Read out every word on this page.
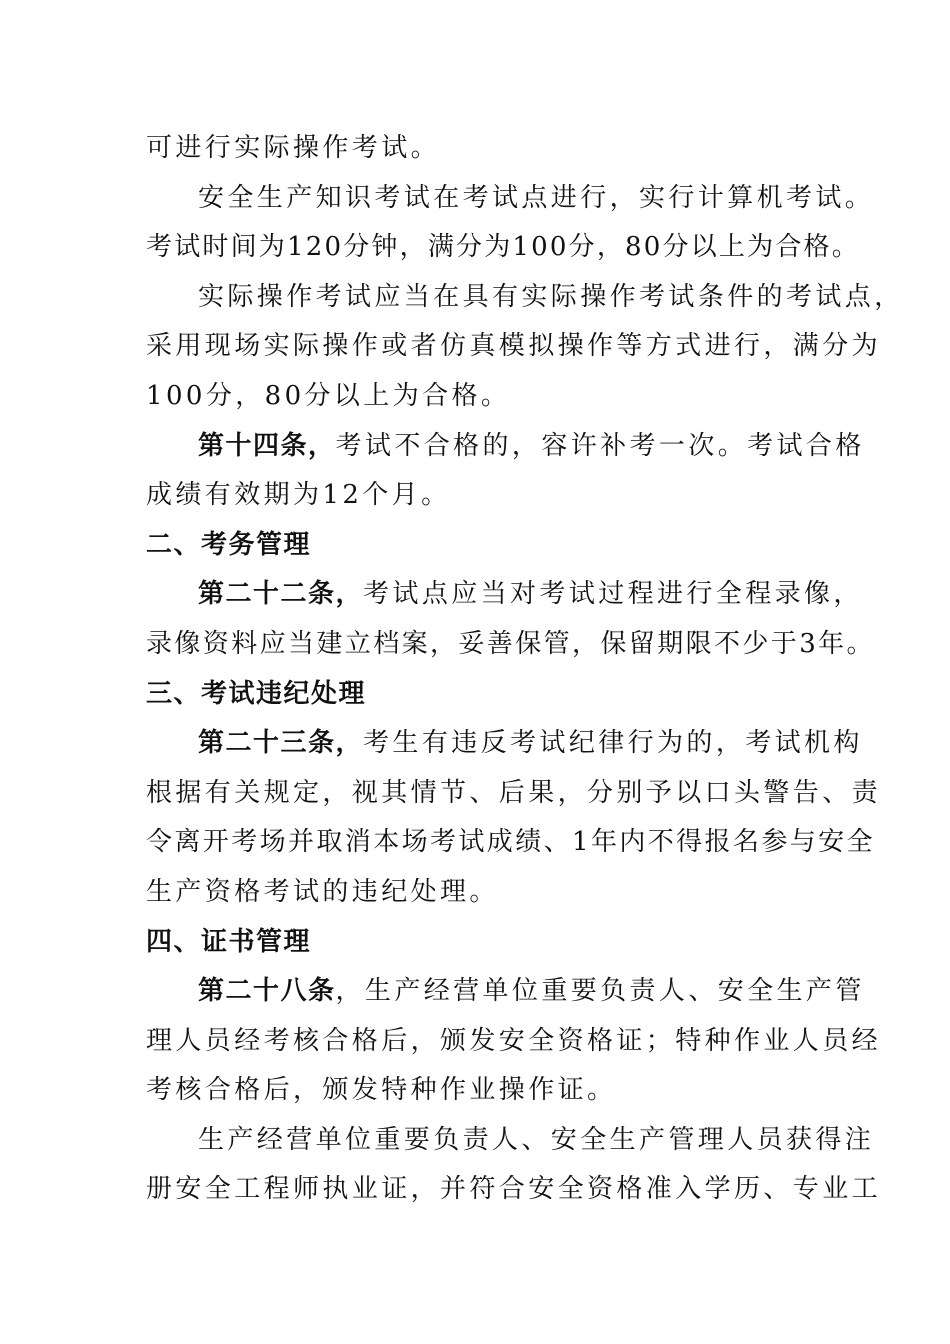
可进行实际操作考试。
安全生产知识考试在考试点进行，实行计算机考试。
考试时间为120分钟，满分为100分，80分以上为合格。
实际操作考试应当在具有实际操作考试条件的考试点，
采用现场实际操作或者仿真模拟操作等方式进行，满分为
100分，80分以上为合格。
第十四条，考试不合格的，容许补考一次。考试合格
成绩有效期为12个月。
二、考务管理
第二十二条，考试点应当对考试过程进行全程录像，
录像资料应当建立档案，妥善保管，保留期限不少于3年。
三、考试违纪处理
第二十三条，考生有违反考试纪律行为的，考试机构
根据有关规定，视其情节、后果，分别予以口头警告、责
令离开考场并取消本场考试成绩、1年内不得报名参与安全
生产资格考试的违纪处理。
四、证书管理
第二十八条，生产经营单位重要负责人、安全生产管
理人员经考核合格后，颁发安全资格证；特种作业人员经
考核合格后，颁发特种作业操作证。
生产经营单位重要负责人、安全生产管理人员获得注
册安全工程师执业证，并符合安全资格准入学历、专业工
